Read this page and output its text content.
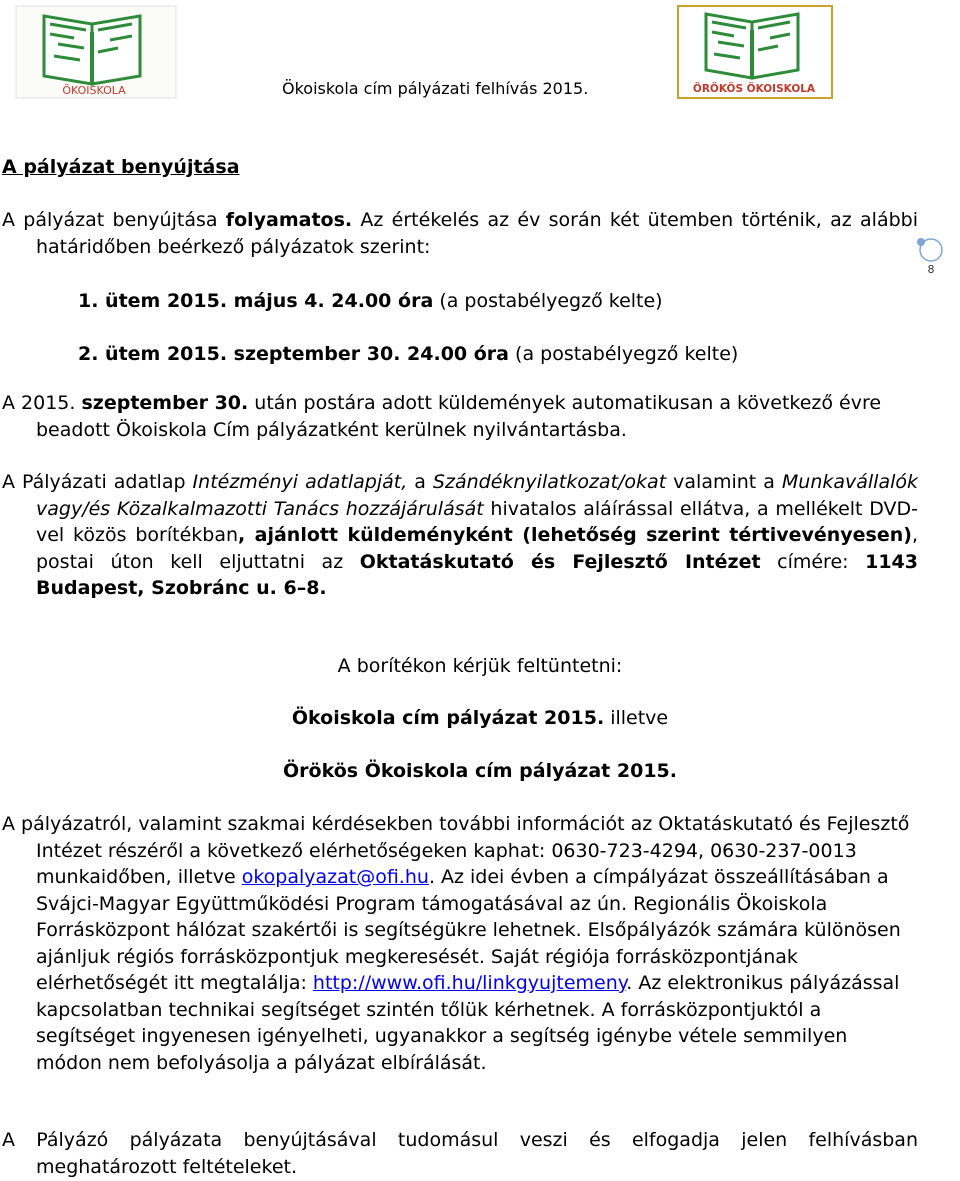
ÖKOISKOLA	Ökoiskola cím pályázati felhívás 2015.	ÖRÖKÖS ÖKOISKOLA
8
A pályázat benyújtása
A pályázat benyújtása folyamatos. Az értékelés az év során két ütemben történik, az alábbi határidőben beérkező pályázatok szerint:
1. ütem 2015. május 4. 24.00 óra (a postabélyegző kelte)
2. ütem 2015. szeptember 30. 24.00 óra (a postabélyegző kelte)
A 2015. szeptember 30. után postára adott küldemények automatikusan a következő évre beadott Ökoiskola Cím pályázatként kerülnek nyilvántartásba.
A Pályázati adatlap Intézményi adatlapját, a Szándéknyilatkozat/okat valamint a Munkavállalók vagy/és Közalkalmazotti Tanács hozzájárulását hivatalos aláírással ellátva, a mellékelt DVD-vel közös borítékban, ajánlott küldeményként (lehetőség szerint tértivevényesen), postai úton kell eljuttatni az Oktatáskutató és Fejlesztő Intézet címére: 1143 Budapest, Szobránc u. 6–8.
A borítékon kérjük feltüntetni:
Ökoiskola cím pályázat 2015. illetve
Örökös Ökoiskola cím pályázat 2015.
A pályázatról, valamint szakmai kérdésekben további információt az Oktatáskutató és Fejlesztő Intézet részéről a következő elérhetőségeken kaphat: 0630-723-4294, 0630-237-0013 munkaidőben, illetve okopalyazat@ofi.hu. Az idei évben a címpályázat összeállításában a Svájci-Magyar Együttműködési Program támogatásával az ún. Regionális Ökoiskola Forrásközpont hálózat szakértői is segítségükre lehetnek. Elsőpályázók számára különösen ajánljuk régiós forrásközpontjuk megkeresését. Saját régiója forrásközpontjának elérhetőségét itt megtalálja: http://www.ofi.hu/linkgyujtemeny. Az elektronikus pályázással kapcsolatban technikai segítséget szintén tőlük kérhetnek. A forrásközpontjuktól a segítséget ingyenesen igényelheti, ugyanakkor a segítség igénybe vétele semmilyen módon nem befolyásolja a pályázat elbírálását.
A Pályázó pályázata benyújtásával tudomásul veszi és elfogadja jelen felhívásban meghatározott feltételeket.
